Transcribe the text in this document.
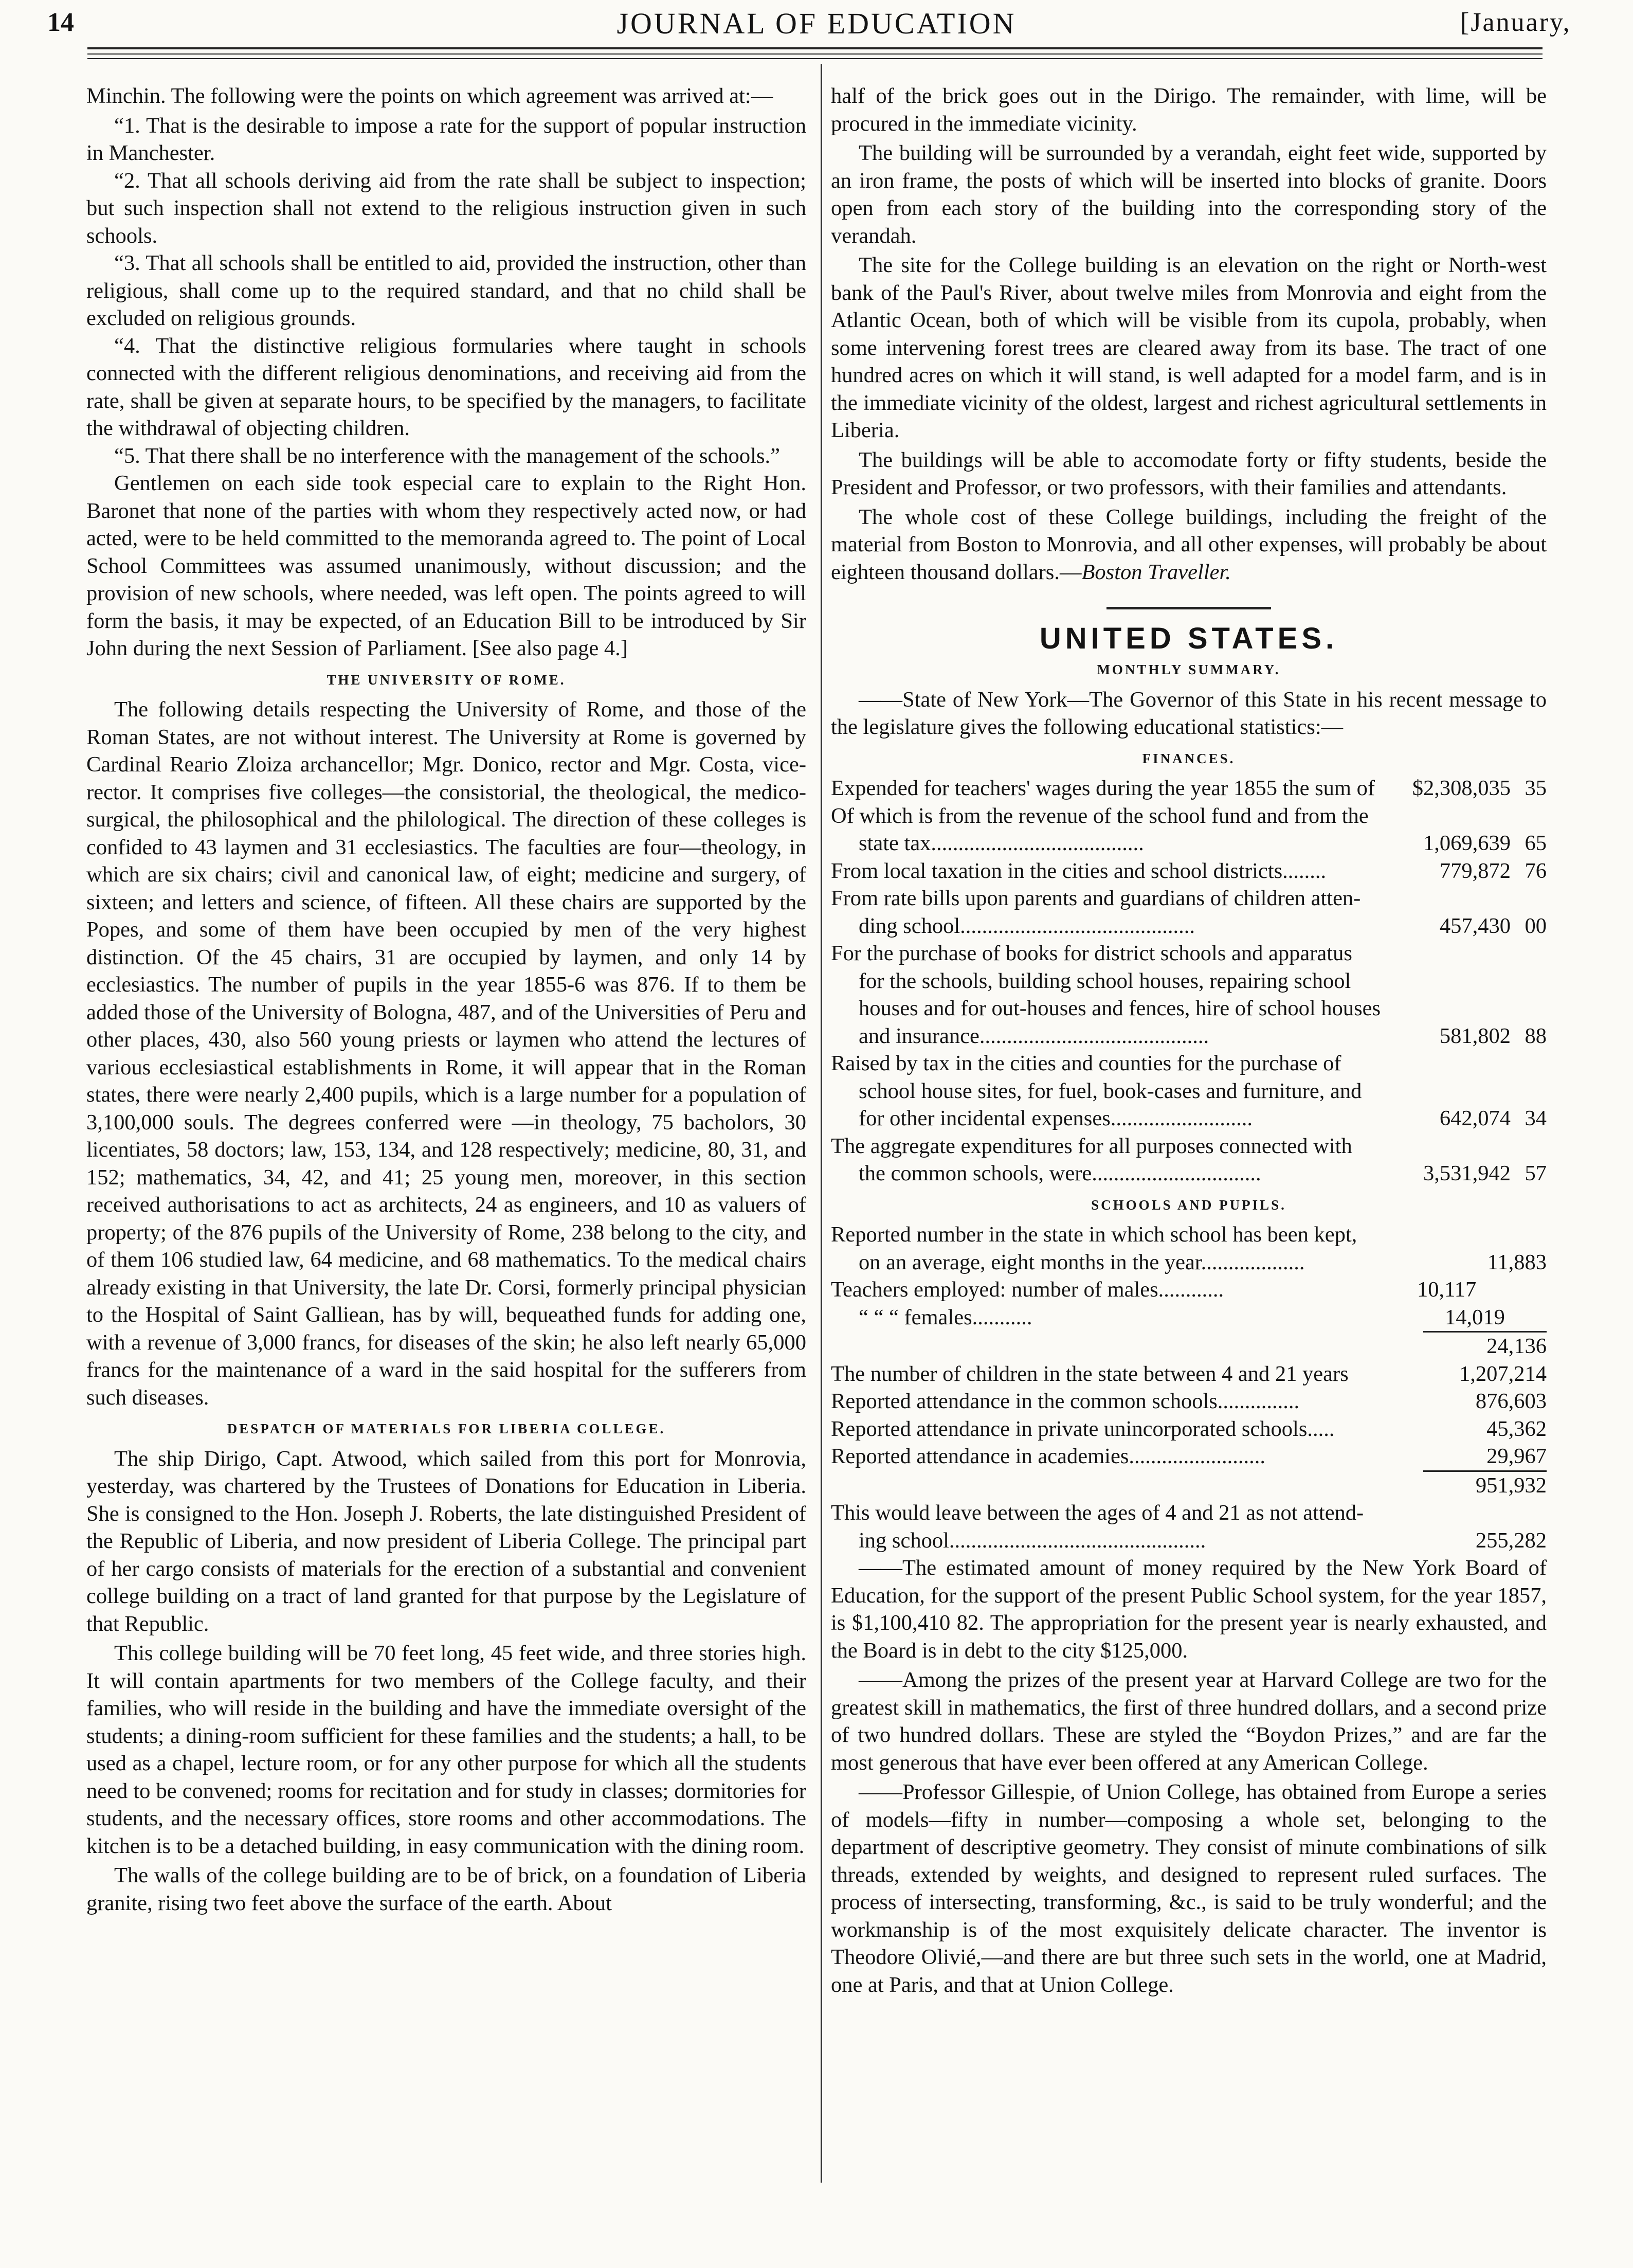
14	JOURNAL OF EDUCATION	[January,

Minchin. The following were the points on which agreement was arrived at:—

“1. That is the desirable to impose a rate for the support of popular instruction in Manchester.

“2. That all schools deriving aid from the rate shall be subject to inspection; but such inspection shall not extend to the religious instruction given in such schools.

“3. That all schools shall be entitled to aid, provided the instruction, other than religious, shall come up to the required standard, and that no child shall be excluded on religious grounds.

“4. That the distinctive religious formularies where taught in schools connected with the different religious denominations, and receiving aid from the rate, shall be given at separate hours, to be specified by the managers, to facilitate the withdrawal of objecting children.

“5. That there shall be no interference with the management of the schools.”

Gentlemen on each side took especial care to explain to the Right Hon. Baronet that none of the parties with whom they respectively acted now, or had acted, were to be held committed to the memoranda agreed to. The point of Local School Committees was assumed unanimously, without discussion; and the provision of new schools, where needed, was left open. The points agreed to will form the basis, it may be expected, of an Education Bill to be introduced by Sir John during the next Session of Parliament. [See also page 4.]

THE UNIVERSITY OF ROME.

The following details respecting the University of Rome, and those of the Roman States, are not without interest. The University at Rome is governed by Cardinal Reario Zloiza archancellor; Mgr. Donico, rector and Mgr. Costa, vice-rector. It comprises five colleges—the consistorial, the theological, the medico-surgical, the philosophical and the philological. The direction of these colleges is confided to 43 laymen and 31 ecclesiastics. The faculties are four—theology, in which are six chairs; civil and canonical law, of eight; medicine and surgery, of sixteen; and letters and science, of fifteen. All these chairs are supported by the Popes, and some of them have been occupied by men of the very highest distinction. Of the 45 chairs, 31 are occupied by laymen, and only 14 by ecclesiastics. The number of pupils in the year 1855-6 was 876. If to them be added those of the University of Bologna, 487, and of the Universities of Peru and other places, 430, also 560 young priests or laymen who attend the lectures of various ecclesiastical establishments in Rome, it will appear that in the Roman states, there were nearly 2,400 pupils, which is a large number for a population of 3,100,000 souls. The degrees conferred were —in theology, 75 bacholors, 30 licentiates, 58 doctors; law, 153, 134, and 128 respectively; medicine, 80, 31, and 152; mathematics, 34, 42, and 41; 25 young men, moreover, in this section received authorisations to act as architects, 24 as engineers, and 10 as valuers of property; of the 876 pupils of the University of Rome, 238 belong to the city, and of them 106 studied law, 64 medicine, and 68 mathematics. To the medical chairs already existing in that University, the late Dr. Corsi, formerly principal physician to the Hospital of Saint Galliean, has by will, bequeathed funds for adding one, with a revenue of 3,000 francs, for diseases of the skin; he also left nearly 65,000 francs for the maintenance of a ward in the said hospital for the sufferers from such diseases.

DESPATCH OF MATERIALS FOR LIBERIA COLLEGE.

The ship Dirigo, Capt. Atwood, which sailed from this port for Monrovia, yesterday, was chartered by the Trustees of Donations for Education in Liberia. She is consigned to the Hon. Joseph J. Roberts, the late distinguished President of the Republic of Liberia, and now president of Liberia College. The principal part of her cargo consists of materials for the erection of a substantial and convenient college building on a tract of land granted for that purpose by the Legislature of that Republic.

This college building will be 70 feet long, 45 feet wide, and three stories high. It will contain apartments for two members of the College faculty, and their families, who will reside in the building and have the immediate oversight of the students; a dining-room sufficient for these families and the students; a hall, to be used as a chapel, lecture room, or for any other purpose for which all the students need to be convened; rooms for recitation and for study in classes; dormitories for students, and the necessary offices, store rooms and other accommodations. The kitchen is to be a detached building, in easy communication with the dining room.

The walls of the college building are to be of brick, on a foundation of Liberia granite, rising two feet above the surface of the earth. About

half of the brick goes out in the Dirigo. The remainder, with lime, will be procured in the immediate vicinity.

The building will be surrounded by a verandah, eight feet wide, supported by an iron frame, the posts of which will be inserted into blocks of granite. Doors open from each story of the building into the corresponding story of the verandah.

The site for the College building is an elevation on the right or North-west bank of the Paul's River, about twelve miles from Monrovia and eight from the Atlantic Ocean, both of which will be visible from its cupola, probably, when some intervening forest trees are cleared away from its base. The tract of one hundred acres on which it will stand, is well adapted for a model farm, and is in the immediate vicinity of the oldest, largest and richest agricultural settlements in Liberia.

The buildings will be able to accomodate forty or fifty students, beside the President and Professor, or two professors, with their families and attendants.

The whole cost of these College buildings, including the freight of the material from Boston to Monrovia, and all other expenses, will probably be about eighteen thousand dollars.—Boston Traveller.

UNITED STATES.
MONTHLY SUMMARY.

——State of New York—The Governor of this State in his recent message to the legislature gives the following educational statistics:—

FINANCES.
Expended for teachers' wages during the year 1855 the sum of	$2,308,035 35
Of which is from the revenue of the school fund and from the
state tax.......................................	1,069,639 65
From local taxation in the cities and school districts........	779,872 76
From rate bills upon parents and guardians of children atten-
ding school...........................................	457,430 00
For the purchase of books for district schools and apparatus
for the schools, building school houses, repairing school
houses and for out-houses and fences, hire of school houses
and insurance..........................................	581,802 88
Raised by tax in the cities and counties for the purchase of
school house sites, for fuel, book-cases and furniture, and
for other incidental expenses..........................	642,074 34
The aggregate expenditures for all purposes connected with
the common schools, were...............................	3,531,942 57
SCHOOLS AND PUPILS.
Reported number in the state in which school has been kept,
on an average, eight months in the year...................	11,883
Teachers employed: number of males............	10,117
“ “ “ females...........	14,019
24,136
The number of children in the state between 4 and 21 years	1,207,214
Reported attendance in the common schools...............	876,603
Reported attendance in private unincorporated schools.....	45,362
Reported attendance in academies.........................	29,967
951,932
This would leave between the ages of 4 and 21 as not attend-
ing school...............................................	255,282

——The estimated amount of money required by the New York Board of Education, for the support of the present Public School system, for the year 1857, is $1,100,410 82. The appropriation for the present year is nearly exhausted, and the Board is in debt to the city $125,000.

——Among the prizes of the present year at Harvard College are two for the greatest skill in mathematics, the first of three hundred dollars, and a second prize of two hundred dollars. These are styled the “Boydon Prizes,” and are far the most generous that have ever been offered at any American College.

——Professor Gillespie, of Union College, has obtained from Europe a series of models—fifty in number—composing a whole set, belonging to the department of descriptive geometry. They consist of minute combinations of silk threads, extended by weights, and designed to represent ruled surfaces. The process of intersecting, transforming, &c., is said to be truly wonderful; and the workmanship is of the most exquisitely delicate character. The inventor is Theodore Olivié,—and there are but three such sets in the world, one at Madrid, one at Paris, and that at Union College.
